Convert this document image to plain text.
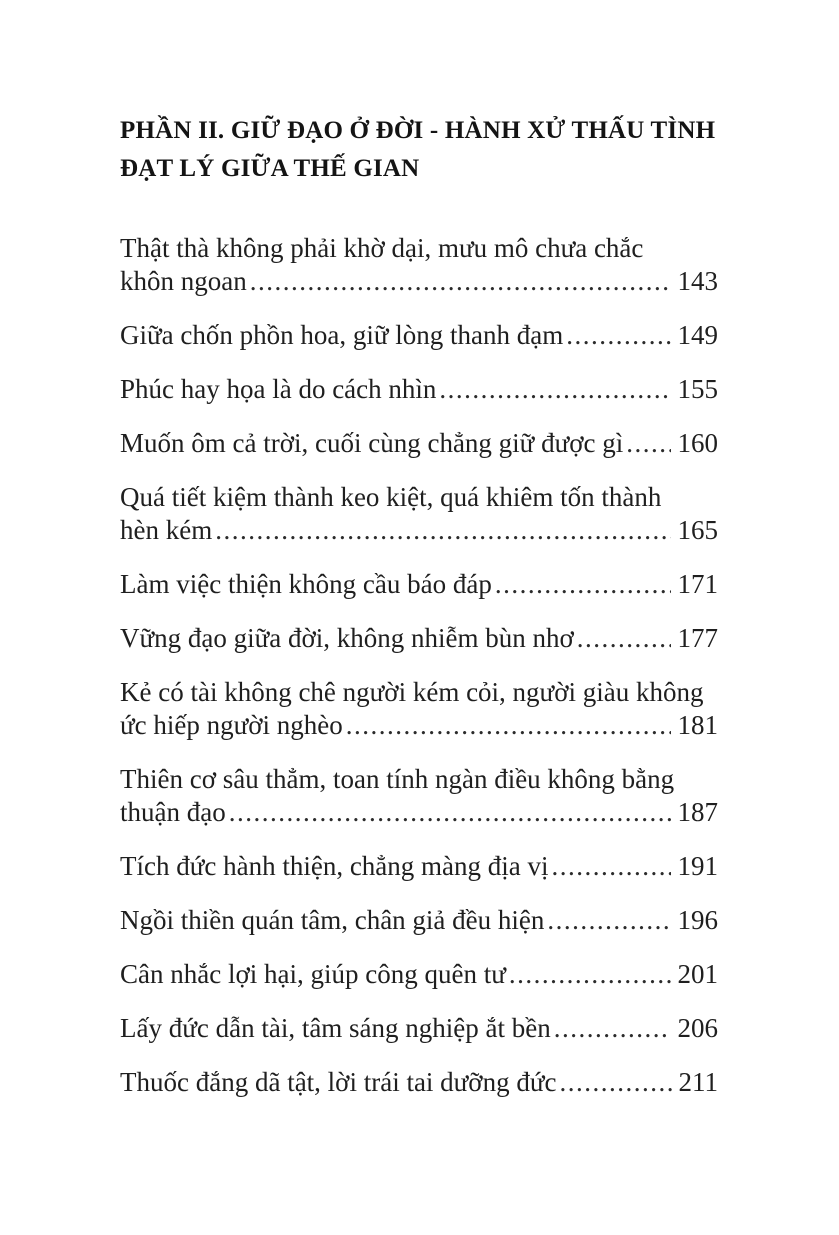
PHẦN II. GIỮ ĐẠO Ở ĐỜI - HÀNH XỬ THẤU TÌNH
ĐẠT LÝ GIỮA THẾ GIAN
Thật thà không phải khờ dại, mưu mô chưa chắc
khôn ngoan .....	143
Giữa chốn phồn hoa, giữ lòng thanh đạm .....	149
Phúc hay họa là do cách nhìn .....	155
Muốn ôm cả trời, cuối cùng chẳng giữ được gì ..... 160
Quá tiết kiệm thành keo kiệt, quá khiêm tốn thành
hèn kém .....	165
Làm việc thiện không cầu báo đáp .....	171
Vững đạo giữa đời, không nhiễm bùn nhơ .....	177
Kẻ có tài không chê người kém cỏi, người giàu không
ức hiếp người nghèo .....	181
Thiên cơ sâu thẳm, toan tính ngàn điều không bằng
thuận đạo .....	187
Tích đức hành thiện, chẳng màng địa vị .....	191
Ngồi thiền quán tâm, chân giả đều hiện .....	196
Cân nhắc lợi hại, giúp công quên tư .....	201
Lấy đức dẫn tài, tâm sáng nghiệp ắt bền .....	206
Thuốc đắng dã tật, lời trái tai dưỡng đức .....	211
